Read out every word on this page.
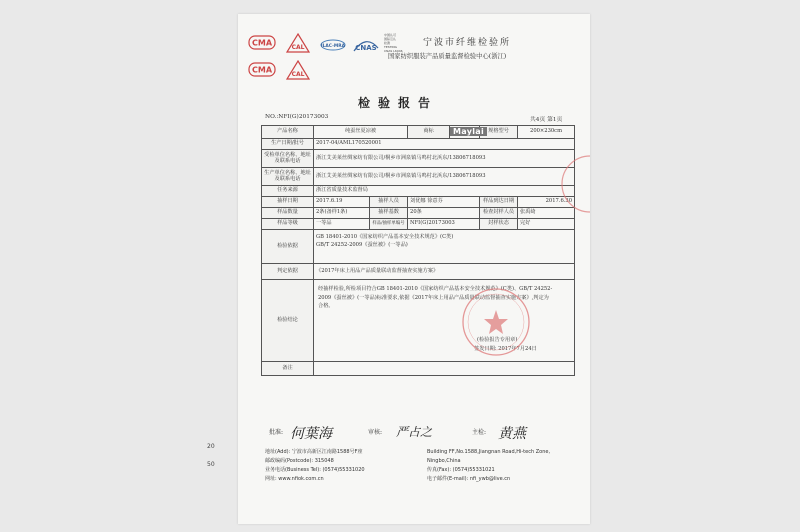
20
50
CMA	CAL
CMA	CAL
ILAC-MRA CNAS
中国认可
国际互认
检测
TESTING
CNAS L6046
宁波市纤维检验所
国家纺织服装产品质量监督检验中心(浙江)
检验报告
NO.:NFI(G)20173003	共4页 第1页
产品名称	纯蚕丝夏凉被		商标	Maylai	规格型号	200×230cm
生产日期/批号	2017-04/AML170520001					
受检单位名称、地址及联系电话	浙江艾美莱丝绸家纺有限公司/桐乡市洲泉镇马鸣村北浜东/13806718093					
生产单位名称、地址及联系电话	浙江艾美莱丝绸家纺有限公司/桐乡市洲泉镇马鸣村北浜东/13806718093					
任务来源	浙江省质量技术监督局					
抽样日期	2017.6.19	抽样人员	刘优娜 徐意芬		样品到达日期	2017.6.30
样品数量	2条(备样1条)	抽样基数	20条		检查封样人员	张禹绮
样品等级	一等品	样品/抽样单编号	NFI(G)20173003		封样状态	完好
检验依据	GB 18401-2010《国家纺织产品基本安全技术规范》(C类)
GB/T 24252-2009《蚕丝被》(一等品)					

判定依据	《2017年床上用品产品质量联动监督抽查实施方案》					
检验结论	经抽样检验,所检项目符合GB 18401-2010《国家纺织产品基本安全技术规范》(C类)、GB/T 24252-2009《蚕丝被》(一等品)标准要求,依据《2017年床上用品产品质量联动监督抽查实施方案》,判定为合格。
(检验报告专用章)
签发日期: 2017年7月24日					

备注						
批准: 何葉海	审核: 严占之	主检: 黄燕
地址(Add): 宁波市高新区江南路1588号F座
邮政编码(Postcode): 315048
业务电话(Business Tel): (0574)55331020
网址: www.nfiok.com.cn
Building FF,No.1588,Jiangnan Road,Hi-tech Zone,
Ningbo,China
传真(Fax): (0574)55331021
电子邮件(E-mail): nfi_ywb@live.cn
